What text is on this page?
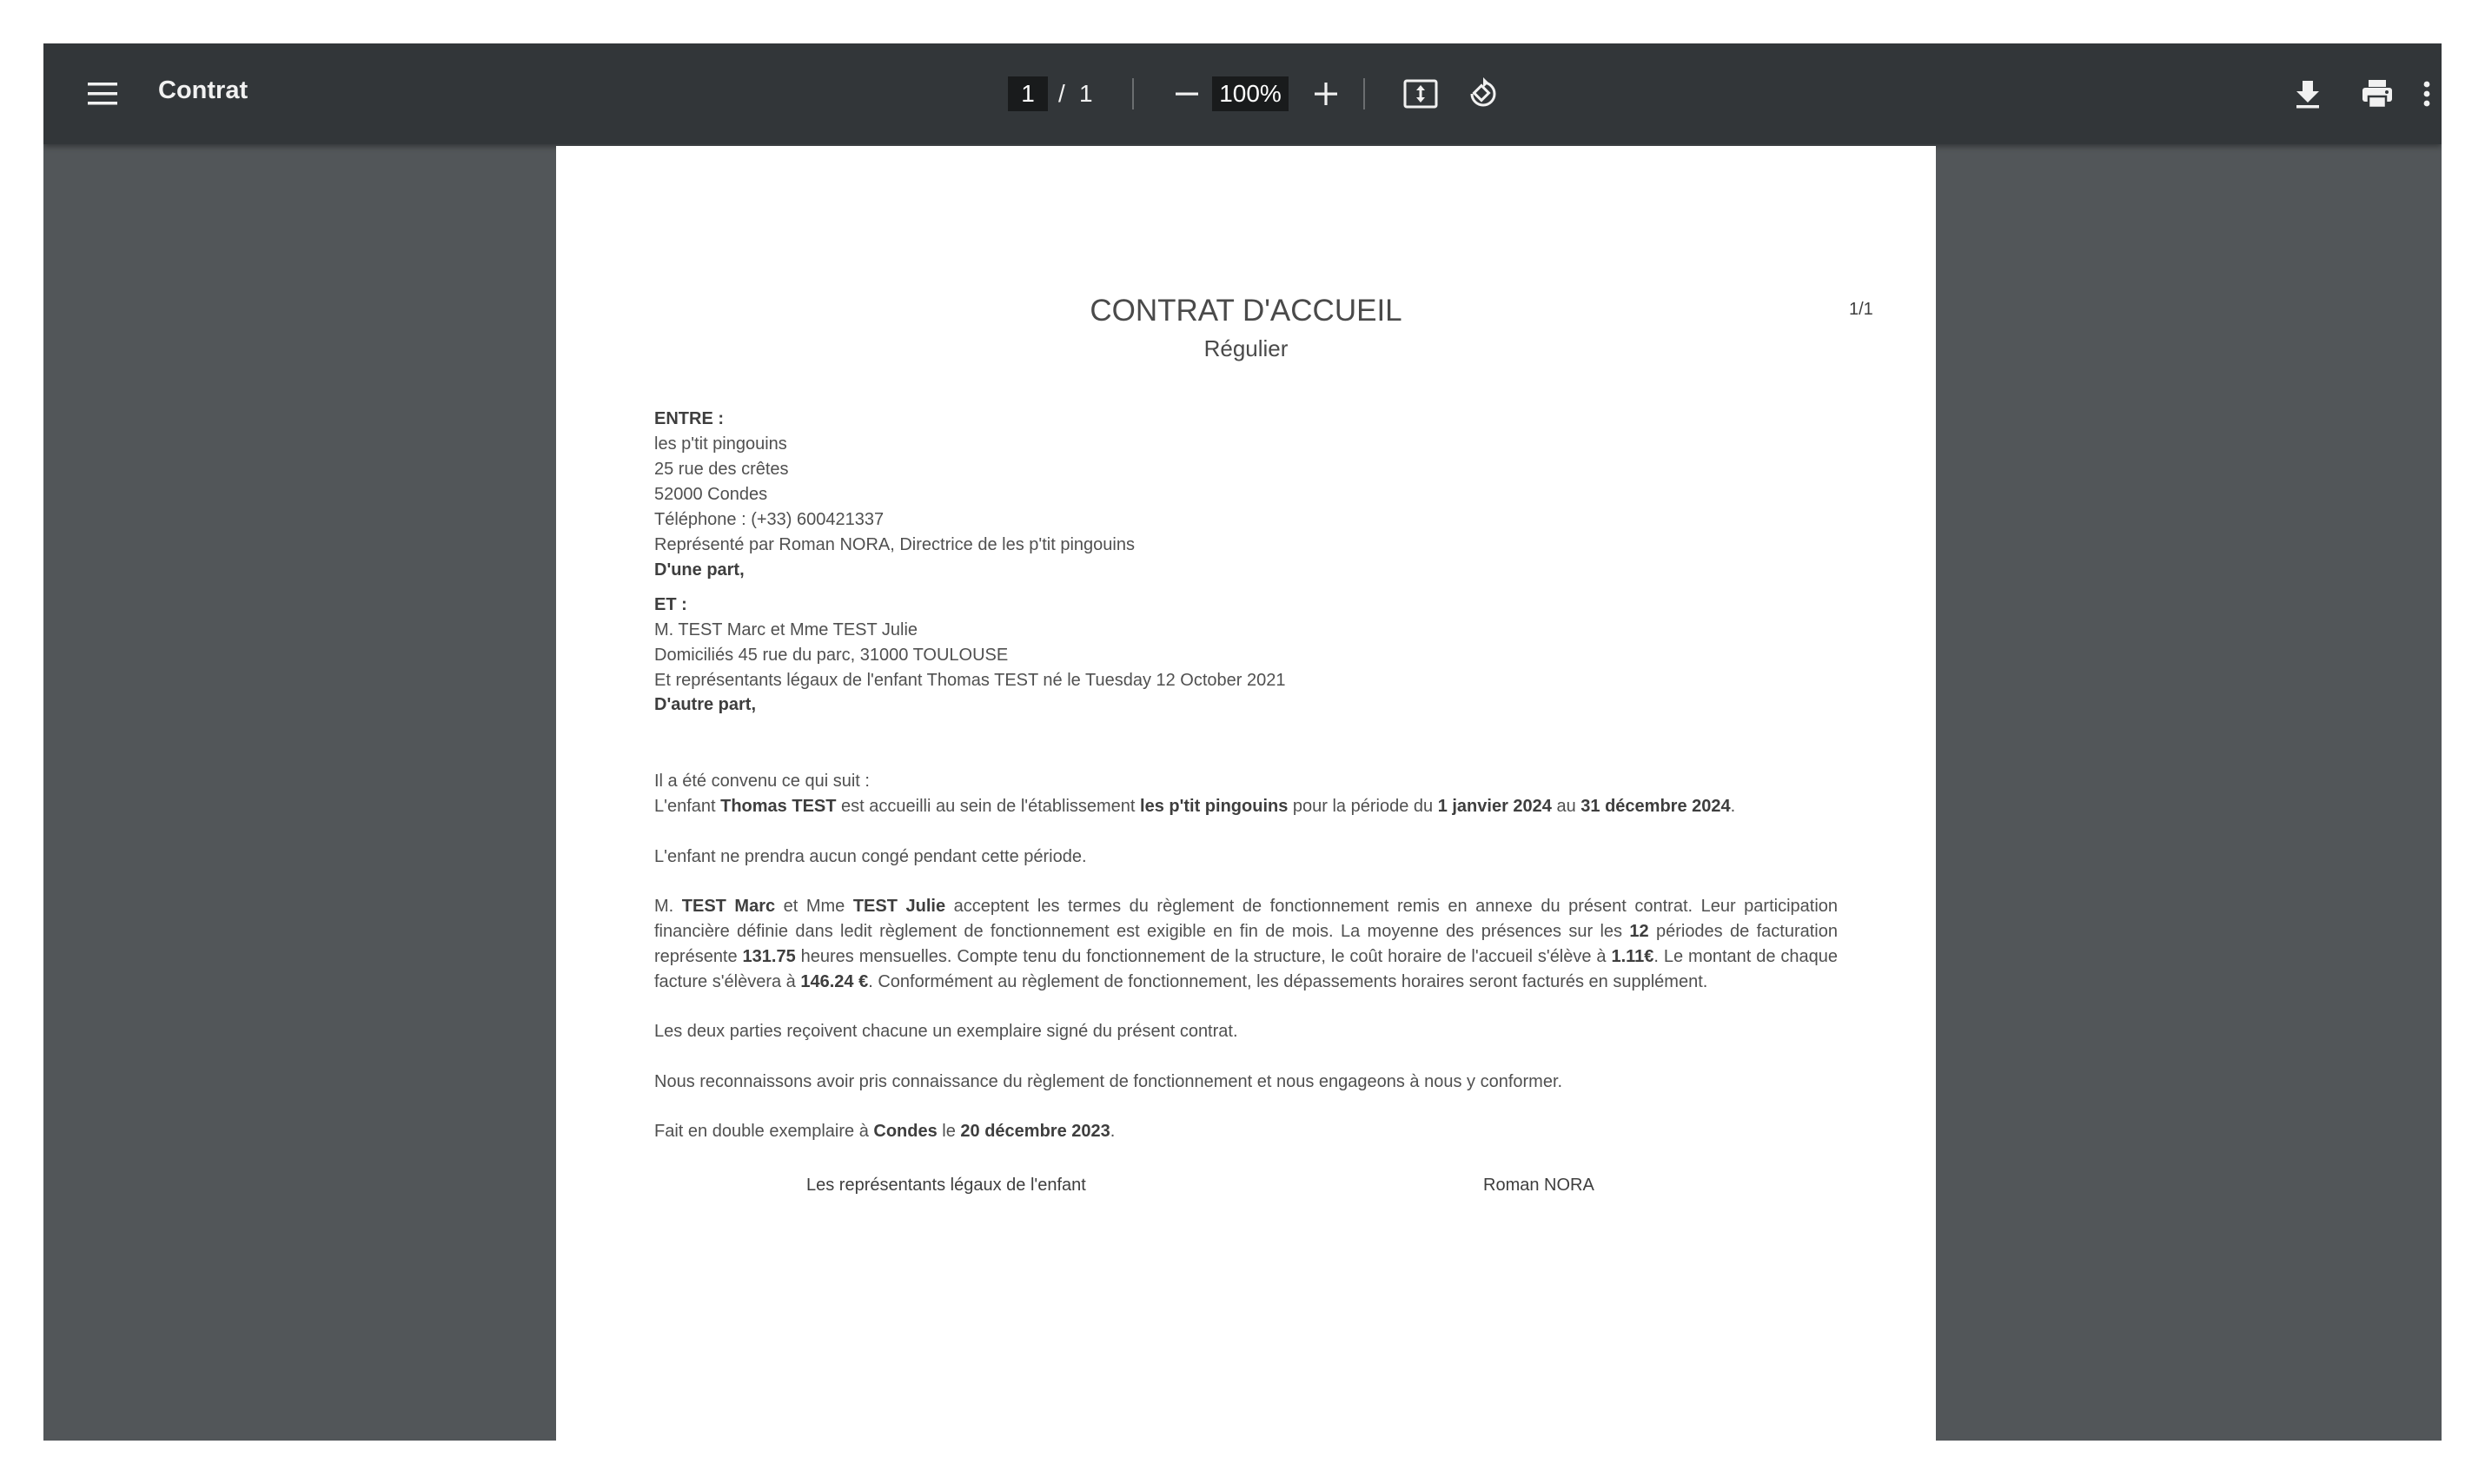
Contrat
1	/ 1
100%
1/1
CONTRAT D'ACCUEIL
Régulier
ENTRE :
les p'tit pingouins
25 rue des crêtes
52000 Condes
Téléphone : (+33) 600421337
Représenté par Roman NORA, Directrice de les p'tit pingouins
D'une part,
ET :
M. TEST Marc et Mme TEST Julie
Domiciliés 45 rue du parc, 31000 TOULOUSE
Et représentants légaux de l'enfant Thomas TEST né le Tuesday 12 October 2021
D'autre part,
Il a été convenu ce qui suit :
L'enfant Thomas TEST est accueilli au sein de l'établissement les p'tit pingouins pour la période du 1 janvier 2024 au 31 décembre 2024.
L'enfant ne prendra aucun congé pendant cette période.
M. TEST Marc et Mme TEST Julie acceptent les termes du règlement de fonctionnement remis en annexe du présent contrat. Leur participation financière définie dans ledit règlement de fonctionnement est exigible en fin de mois. La moyenne des présences sur les 12 périodes de facturation représente 131.75 heures mensuelles. Compte tenu du fonctionnement de la structure, le coût horaire de l'accueil s'élève à 1.11€. Le montant de chaque facture s'élèvera à 146.24 €. Conformément au règlement de fonctionnement, les dépassements horaires seront facturés en supplément.
Les deux parties reçoivent chacune un exemplaire signé du présent contrat.
Nous reconnaissons avoir pris connaissance du règlement de fonctionnement et nous engageons à nous y conformer.
Fait en double exemplaire à Condes le 20 décembre 2023.
Les représentants légaux de l'enfant	Roman NORA
